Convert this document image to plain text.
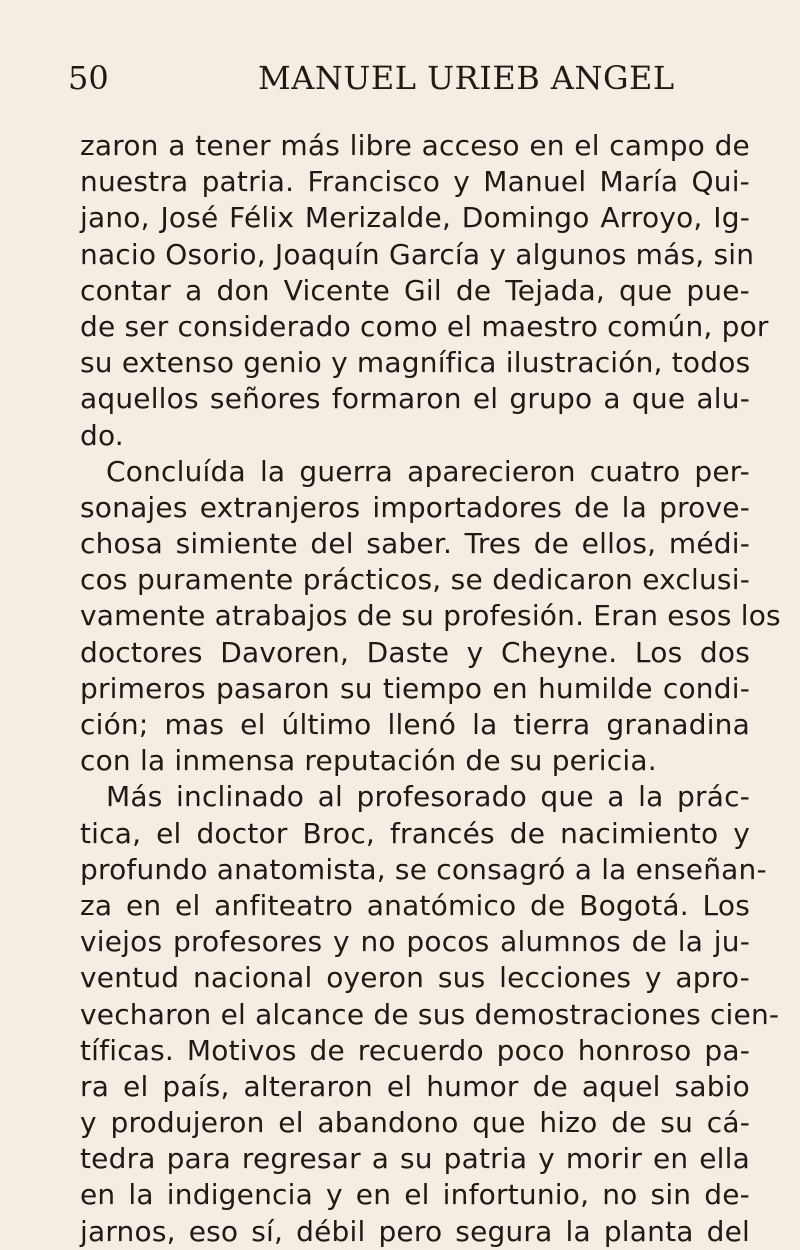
50	MANUEL URIEB ANGEL
zaron a tener más libre acceso en el campo de
nuestra patria. Francisco y Manuel María Qui-
jano, José Félix Merizalde, Domingo Arroyo, Ig-
nacio Osorio, Joaquín García y algunos más, sin
contar a don Vicente Gil de Tejada, que pue-
de ser considerado como el maestro común, por
su extenso genio y magnífica ilustración, todos
aquellos señores formaron el grupo a que alu-
do.
Concluída la guerra aparecieron cuatro per-
sonajes extranjeros importadores de la prove-
chosa simiente del saber. Tres de ellos, médi-
cos puramente prácticos, se dedicaron exclusi-
vamente atrabajos de su profesión. Eran esos los
doctores Davoren, Daste y Cheyne. Los dos
primeros pasaron su tiempo en humilde condi-
ción; mas el último llenó la tierra granadina
con la inmensa reputación de su pericia.
Más inclinado al profesorado que a la prác-
tica, el doctor Broc, francés de nacimiento y
profundo anatomista, se consagró a la enseñan-
za en el anfiteatro anatómico de Bogotá. Los
viejos profesores y no pocos alumnos de la ju-
ventud nacional oyeron sus lecciones y apro-
vecharon el alcance de sus demostraciones cien-
tíficas. Motivos de recuerdo poco honroso pa-
ra el país, alteraron el humor de aquel sabio
y produjeron el abandono que hizo de su cá-
tedra para regresar a su patria y morir en ella
en la indigencia y en el infortunio, no sin de-
jarnos, eso sí, débil pero segura la planta del
